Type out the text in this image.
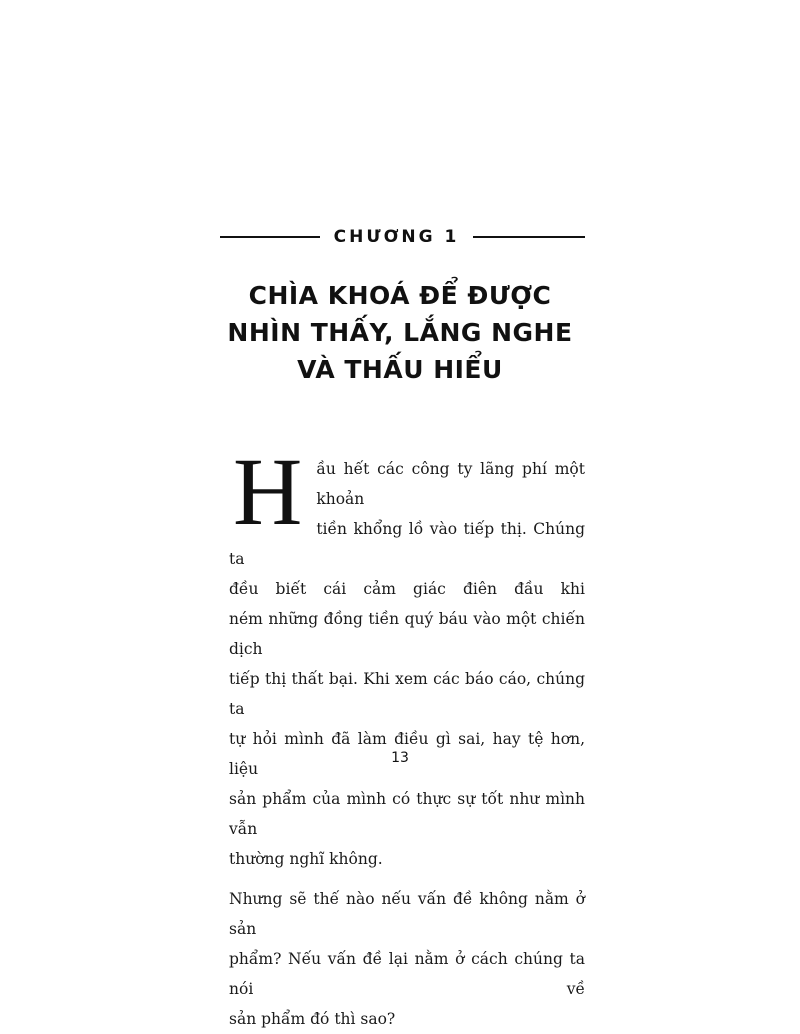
CHƯƠNG 1
CHÌA KHOÁ ĐỂ ĐƯỢC
NHÌN THẤY, LẮNG NGHE
VÀ THẤU HIỂU

H ầu hết các công ty lãng phí một khoản
tiền khổng lồ vào tiếp thị. Chúng ta
đều biết cái cảm giác điên đầu khi
ném những đồng tiền quý báu vào một chiến dịch
tiếp thị thất bại. Khi xem các báo cáo, chúng ta
tự hỏi mình đã làm điều gì sai, hay tệ hơn, liệu
sản phẩm của mình có thực sự tốt như mình vẫn
thường nghĩ không.

Nhưng sẽ thế nào nếu vấn đề không nằm ở sản
phẩm? Nếu vấn đề lại nằm ở cách chúng ta nói về
sản phẩm đó thì sao?

13
